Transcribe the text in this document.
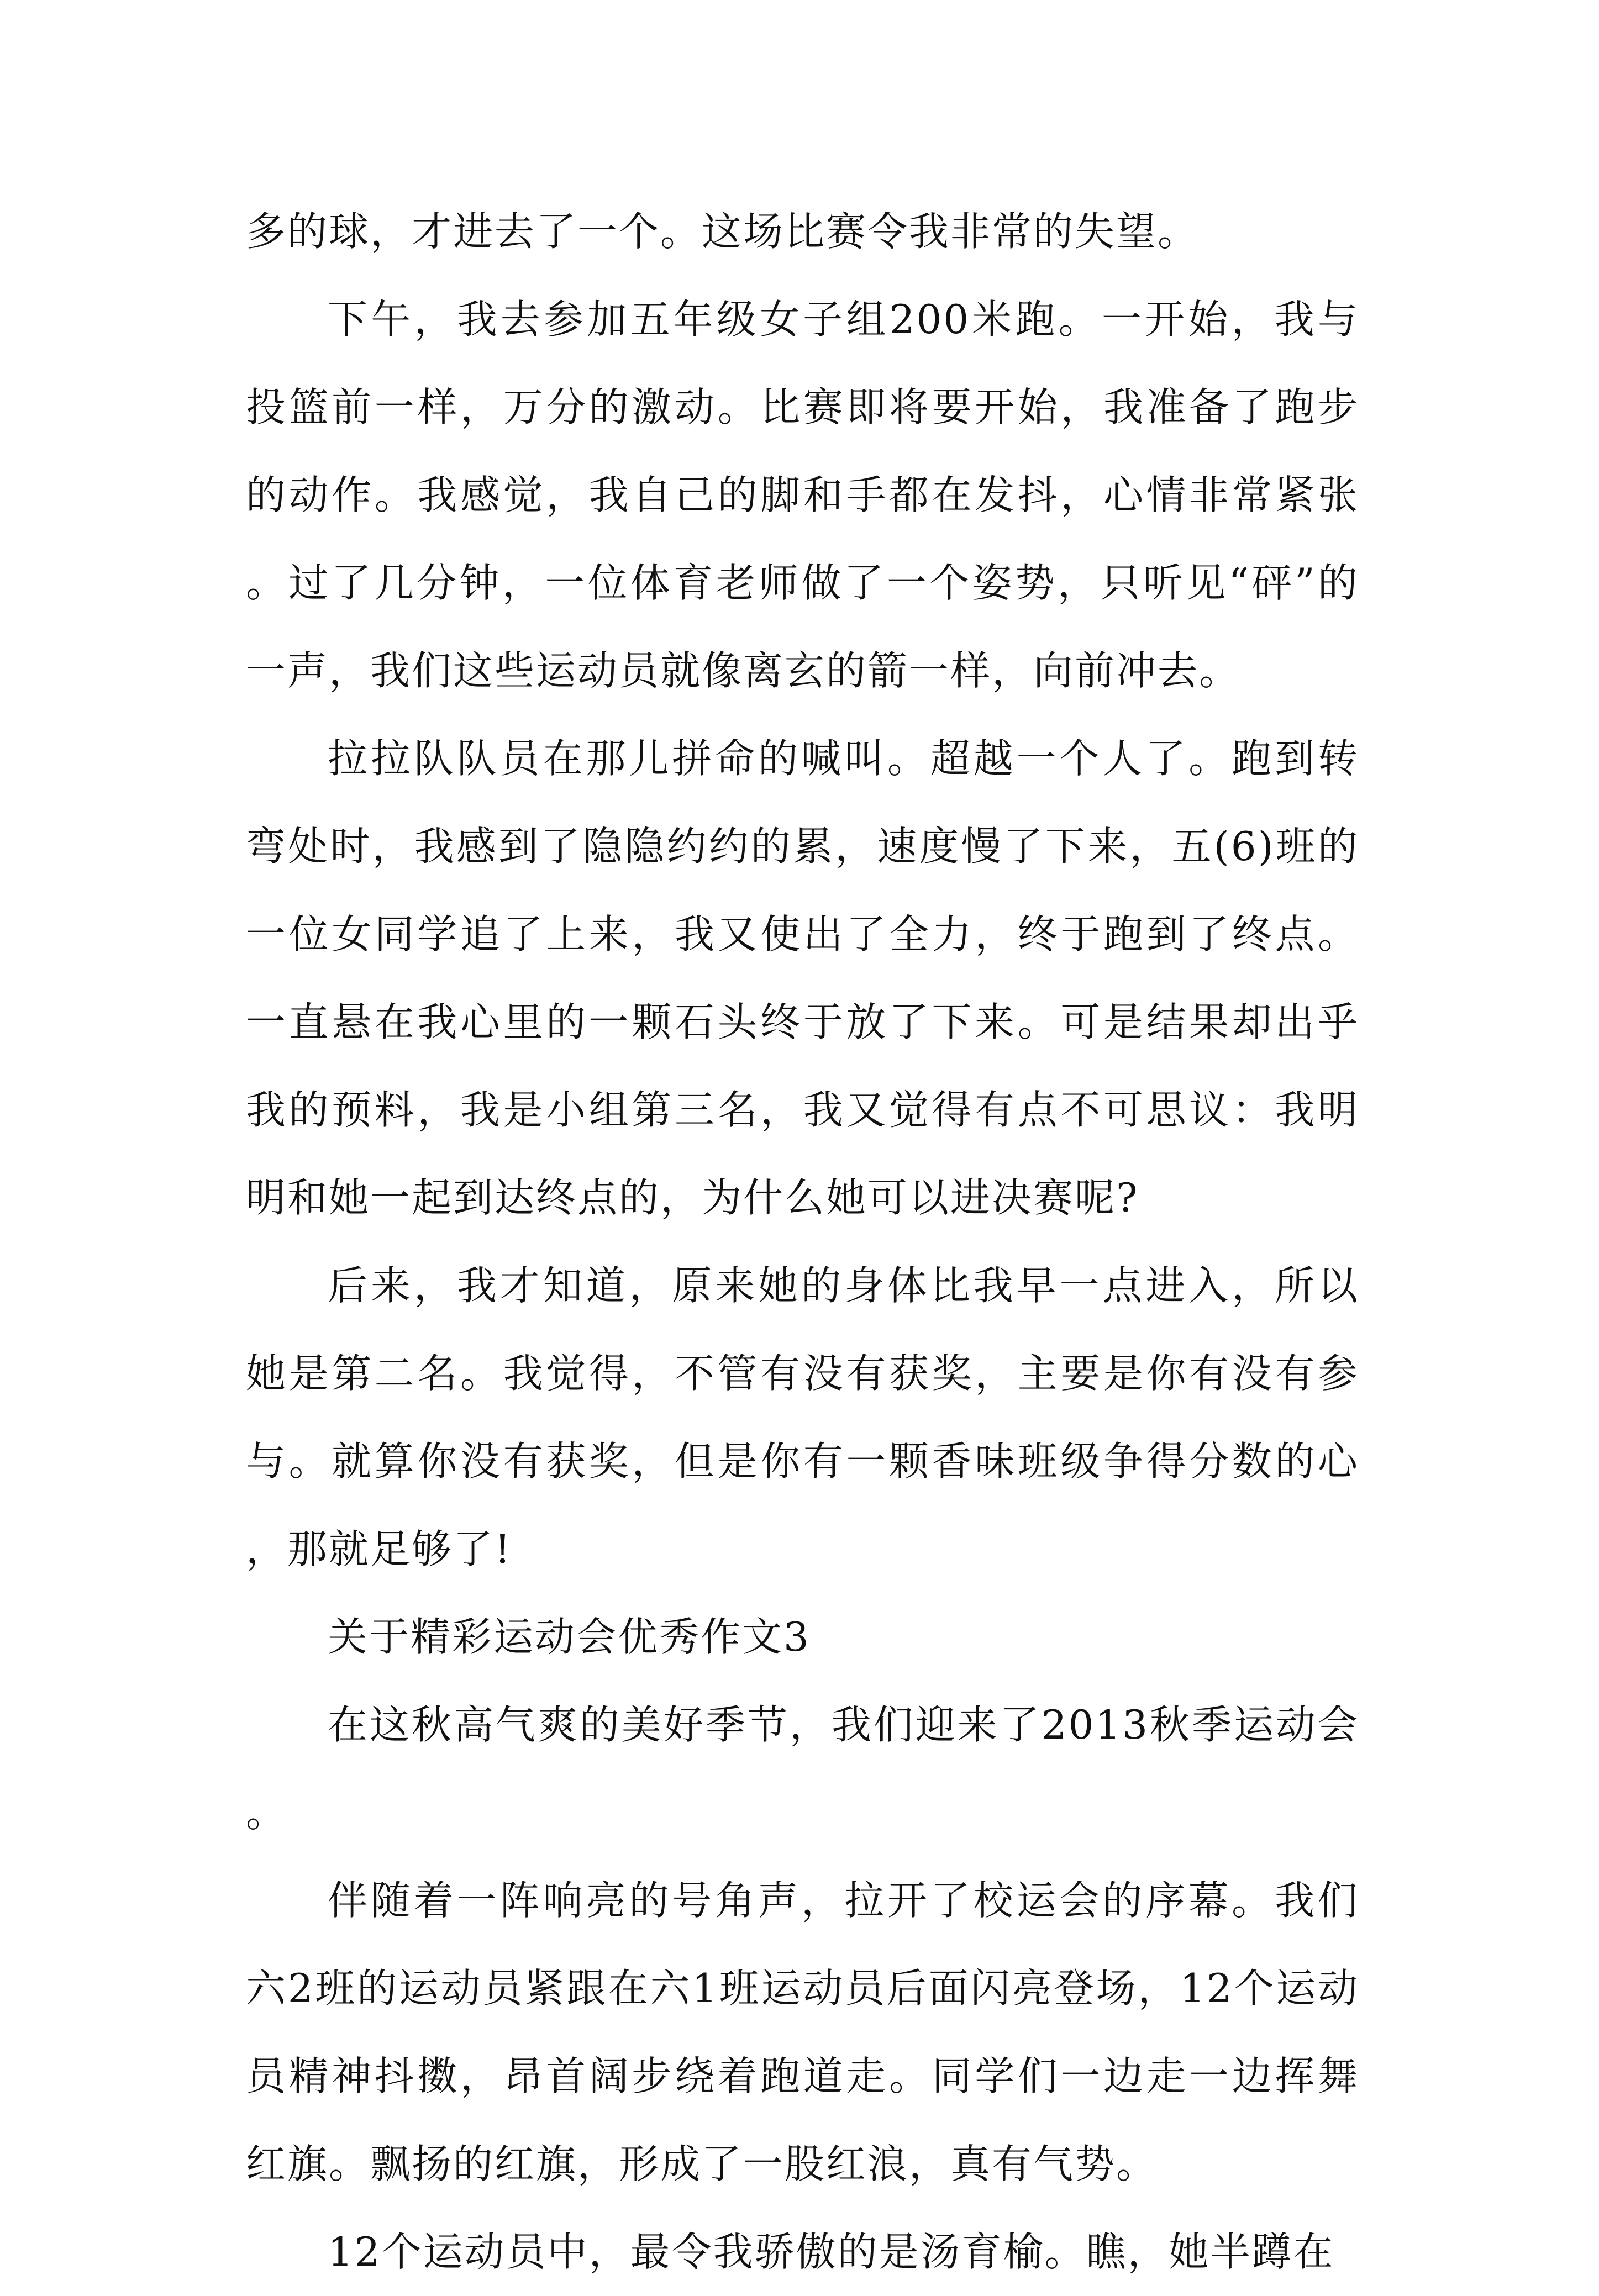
多的球，才进去了一个。这场比赛令我非常的失望。

下午，我去参加五年级女子组200米跑。一开始，我与投篮前一样，万分的激动。比赛即将要开始，我准备了跑步的动作。我感觉，我自己的脚和手都在发抖，心情非常紧张。过了几分钟，一位体育老师做了一个姿势，只听见“砰”的一声，我们这些运动员就像离玄的箭一样，向前冲去。

拉拉队队员在那儿拼命的喊叫。超越一个人了。跑到转弯处时，我感到了隐隐约约的累，速度慢了下来，五(6)班的一位女同学追了上来，我又使出了全力，终于跑到了终点。一直悬在我心里的一颗石头终于放了下来。可是结果却出乎我的预料，我是小组第三名，我又觉得有点不可思议：我明明和她一起到达终点的，为什么她可以进决赛呢?

后来，我才知道，原来她的身体比我早一点进入，所以她是第二名。我觉得，不管有没有获奖，主要是你有没有参与。就算你没有获奖，但是你有一颗香味班级争得分数的心，那就足够了!

关于精彩运动会优秀作文3

在这秋高气爽的美好季节，我们迎来了2013秋季运动会。

伴随着一阵响亮的号角声，拉开了校运会的序幕。我们六2班的运动员紧跟在六1班运动员后面闪亮登场，12个运动员精神抖擞，昂首阔步绕着跑道走。同学们一边走一边挥舞红旗。飘扬的红旗，形成了一股红浪，真有气势。

12个运动员中，最令我骄傲的是汤育榆。瞧，她半蹲在
